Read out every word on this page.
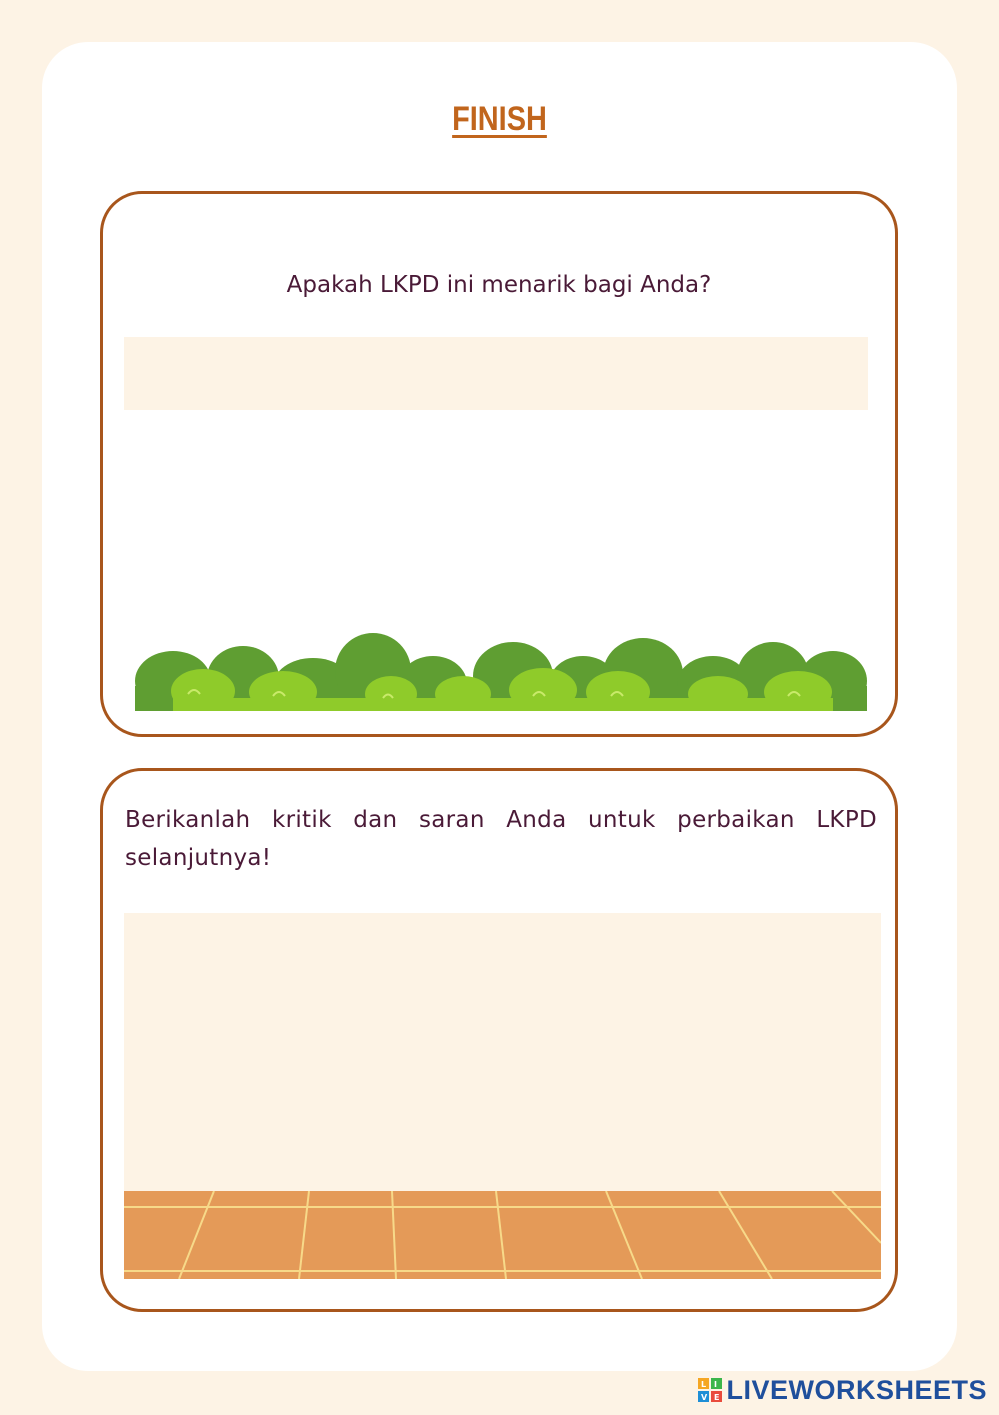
FINISH
Apakah LKPD ini menarik bagi Anda?
Berikanlah kritik dan saran Anda untuk perbaikan LKPD selanjutnya!
L I
V E LIVEWORKSHEETS
